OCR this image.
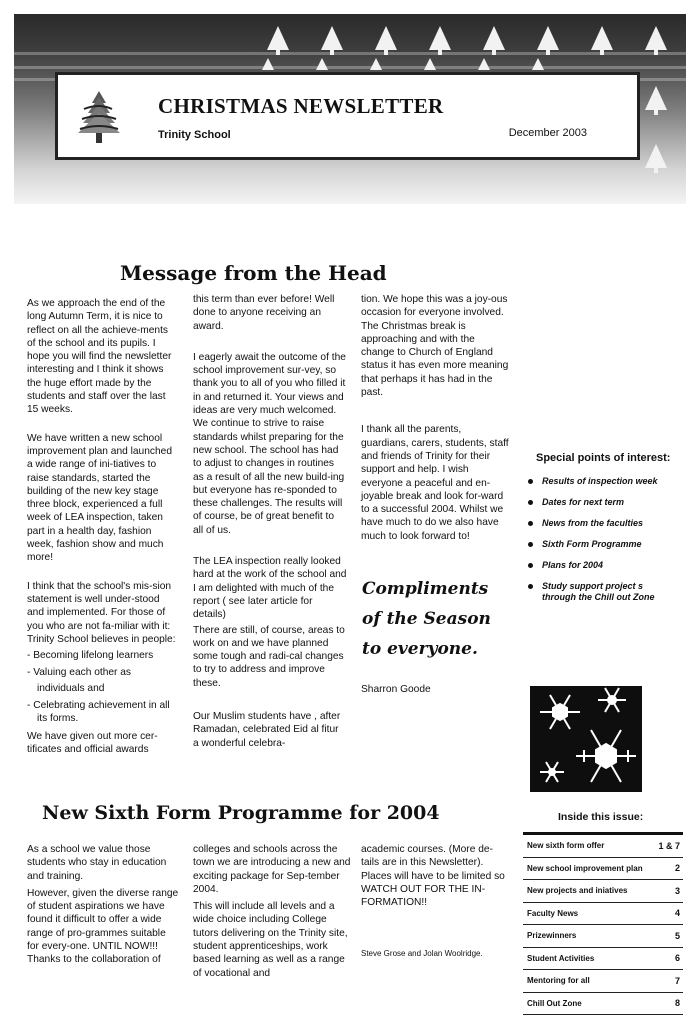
CHRISTMAS NEWSLETTER
Trinity School	December 2003
Message from the Head

As we approach the end of the long Autumn Term, it is nice to reflect on all the achieve-ments of the school and its pupils. I hope you will find the newsletter interesting and I think it shows the huge effort made by the students and staff over the last 15 weeks.

We have written a new school improvement plan and launched a wide range of ini-tiatives to raise standards, started the building of the new key stage three block, experienced a full week of LEA inspection, taken part in a health day, fashion week, fashion show and much more!

I think that the school's mis-sion statement is well under-stood and implemented. For those of you who are not fa-miliar with it: Trinity School believes in people:

- Becoming lifelong learners
- Valuing each other as
individuals and
- Celebrating achievement in all its forms.

We have given out more cer-tificates and official awards

this term than ever before! Well done to anyone receiving an award.

I eagerly await the outcome of the school improvement sur-vey, so thank you to all of you who filled it in and returned it. Your views and ideas are very much welcomed. We continue to strive to raise standards whilst preparing for the new school. The school has had to adjust to changes in routines as a result of all the new build-ing but everyone has re-sponded to these challenges. The results will of course, be of great benefit to all of us.

The LEA inspection really looked hard at the work of the school and I am delighted with much of the report ( see later article for details)

There are still, of course, areas to work on and we have planned some tough and radi-cal changes to try to address and improve these.

Our Muslim students have , after Ramadan, celebrated Eid al fitur a wonderful celebra-

tion. We hope this was a joy-ous occasion for everyone involved. The Christmas break is approaching and with the change to Church of England status it has even more meaning that perhaps it has had in the past.

I thank all the parents, guardians, carers, students, staff and friends of Trinity for their support and help. I wish everyone a peaceful and en-joyable break and look for-ward to a successful 2004. Whilst we have much to do we also have much to look forward to!

Compliments of the Season to everyone.
Sharron Goode
Special points of interest:
Results of inspection week
Dates for next term
News from the faculties
Sixth Form Programme
Plans for 2004
Study support project s through the Chill out Zone
Inside this issue:
New sixth form offer	1 & 7
New school improvement plan	2
New projects and iniatives	3
Faculty News	4
Prizewinners	5
Student Activities	6
Mentoring for all	7
Chill Out Zone	8
New Sixth Form Programme for 2004

As a school we value those students who stay in education and training.

However, given the diverse range of student aspirations we have found it difficult to offer a wide range of pro-grammes suitable for every-one. UNTIL NOW!!!

Thanks to the collaboration of

colleges and schools across the town we are introducing a new and exciting package for Sep-tember 2004.

This will include all levels and a wide choice including College tutors delivering on the Trinity site, student apprenticeships, work based learning as well as a range of vocational and

academic courses. (More de-tails are in this Newsletter). Places will have to be limited so WATCH OUT FOR THE IN-FORMATION!!

Steve Grose and Jolan Woolridge.
